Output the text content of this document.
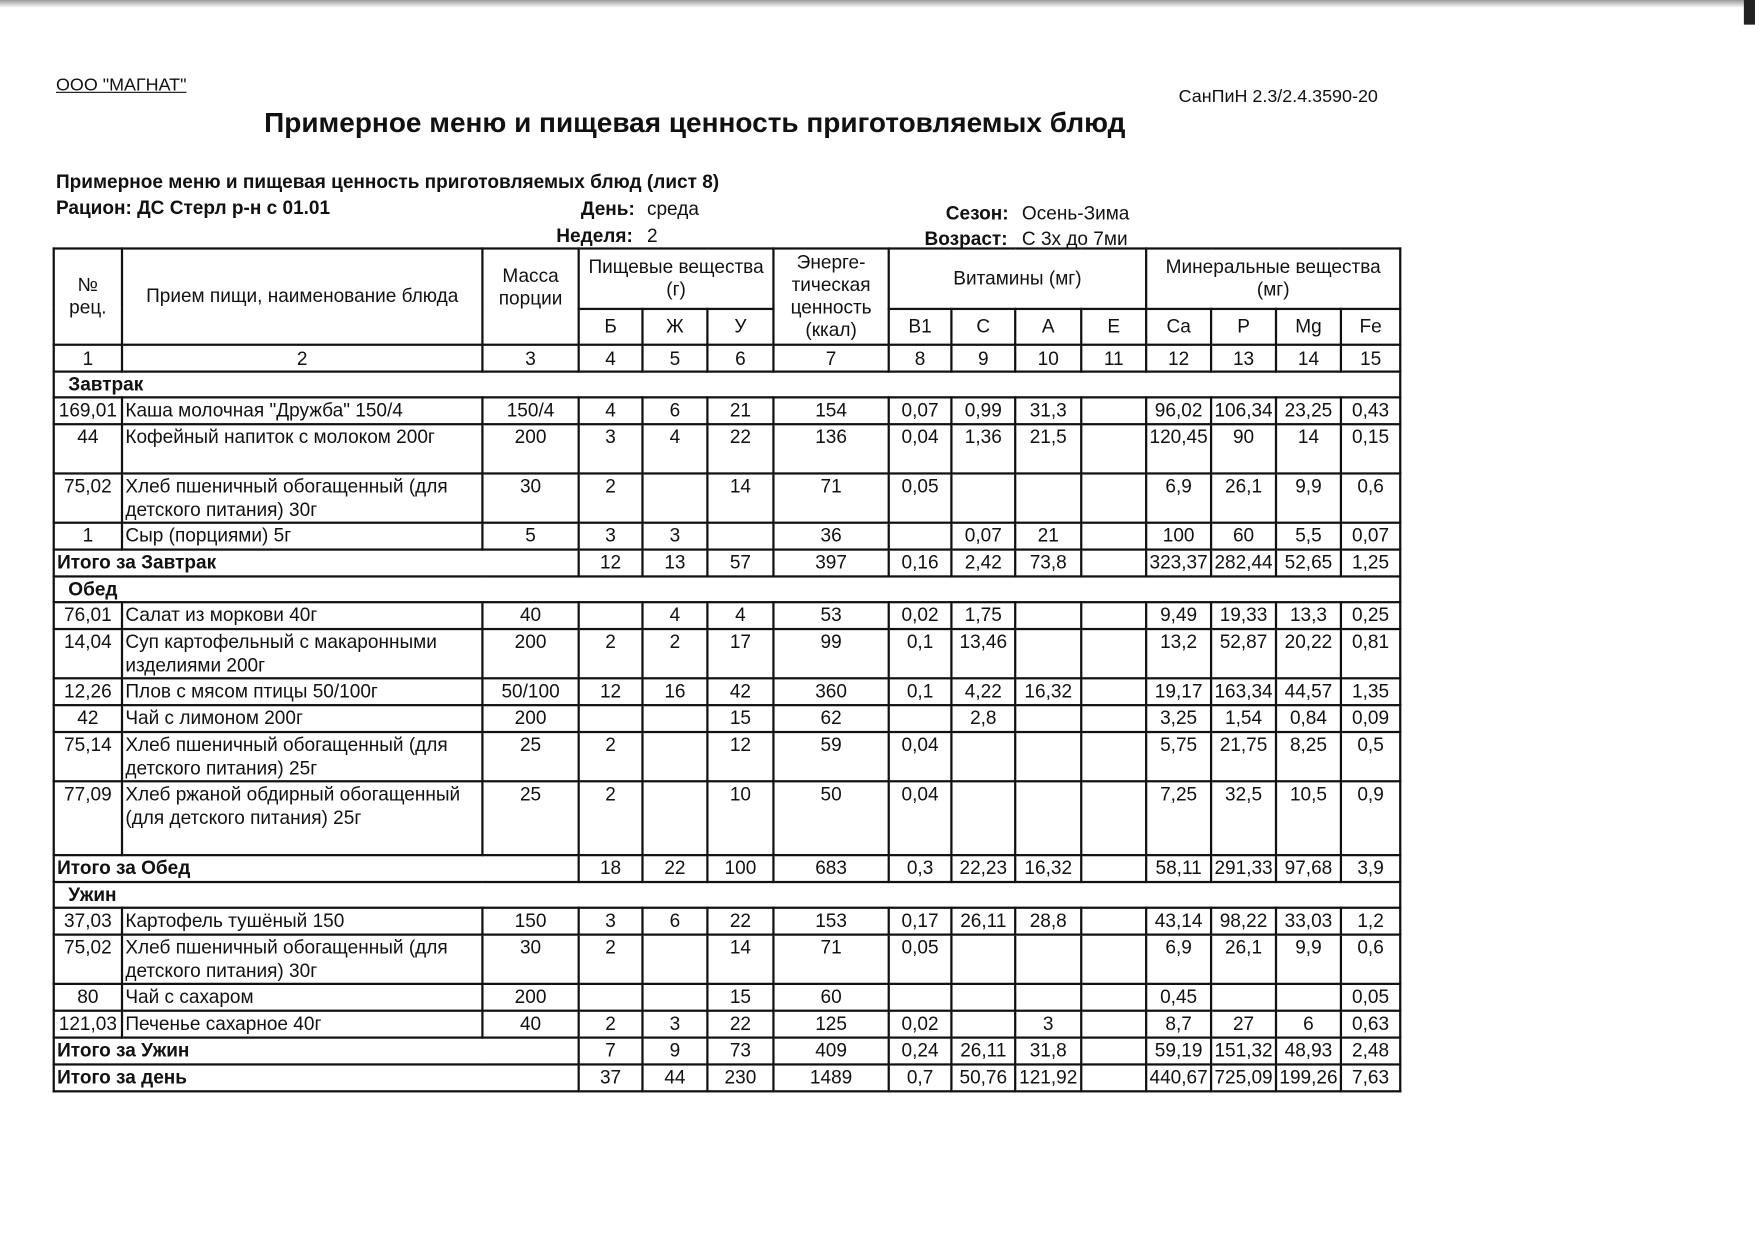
ООО "МАГНАТ"
СанПиН 2.3/2.4.3590-20
Примерное меню и пищевая ценность приготовляемых блюд
Примерное меню и пищевая ценность приготовляемых блюд (лист 8)
Рацион: ДС Стерл р-н с 01.01	День: среда
Неделя: 2
Сезон: Осень-Зима
Возраст: С 3х до 7ми
№ рец.	Прием пищи, наименование блюда	Масса порции	Пищевые вещества (г)			Энерге-тическая ценность (ккал)	Витамины (мг)				Минеральные вещества (мг)			
			Б	Ж	У		B1	C	A	E	Ca	P	Mg	Fe
1	2	3	4	5	6	7	8	9	10	11	12	13	14	15
Завтрак														
169,01	Каша молочная "Дружба" 150/4	150/4	4	6	21	154	0,07	0,99	31,3		96,02	106,34	23,25	0,43
44	Кофейный напиток с молоком 200г	200	3	4	22	136	0,04	1,36	21,5		120,45	90	14	0,15
75,02	Хлеб пшеничный обогащенный (для детского питания) 30г	30	2		14	71	0,05				6,9	26,1	9,9	0,6
1	Сыр (порциями) 5г	5	3	3		36		0,07	21		100	60	5,5	0,07
Итого за Завтрак			12	13	57	397	0,16	2,42	73,8		323,37	282,44	52,65	1,25
Обед														
76,01	Салат из моркови 40г	40		4	4	53	0,02	1,75			9,49	19,33	13,3	0,25
14,04	Суп картофельный с макаронными изделиями 200г	200	2	2	17	99	0,1	13,46			13,2	52,87	20,22	0,81
12,26	Плов с мясом птицы 50/100г	50/100	12	16	42	360	0,1	4,22	16,32		19,17	163,34	44,57	1,35
42	Чай с лимоном 200г	200			15	62		2,8			3,25	1,54	0,84	0,09
75,14	Хлеб пшеничный обогащенный (для детского питания) 25г	25	2		12	59	0,04				5,75	21,75	8,25	0,5
77,09	Хлеб ржаной обдирный обогащенный (для детского питания) 25г	25	2		10	50	0,04				7,25	32,5	10,5	0,9
Итого за Обед			18	22	100	683	0,3	22,23	16,32		58,11	291,33	97,68	3,9
Ужин														
37,03	Картофель тушёный 150	150	3	6	22	153	0,17	26,11	28,8		43,14	98,22	33,03	1,2
75,02	Хлеб пшеничный обогащенный (для детского питания) 30г	30	2		14	71	0,05				6,9	26,1	9,9	0,6
80	Чай с сахаром	200			15	60					0,45			0,05
121,03	Печенье сахарное 40г	40	2	3	22	125	0,02		3		8,7	27	6	0,63
Итого за Ужин			7	9	73	409	0,24	26,11	31,8		59,19	151,32	48,93	2,48
Итого за день			37	44	230	1489	0,7	50,76	121,92		440,67	725,09	199,26	7,63
